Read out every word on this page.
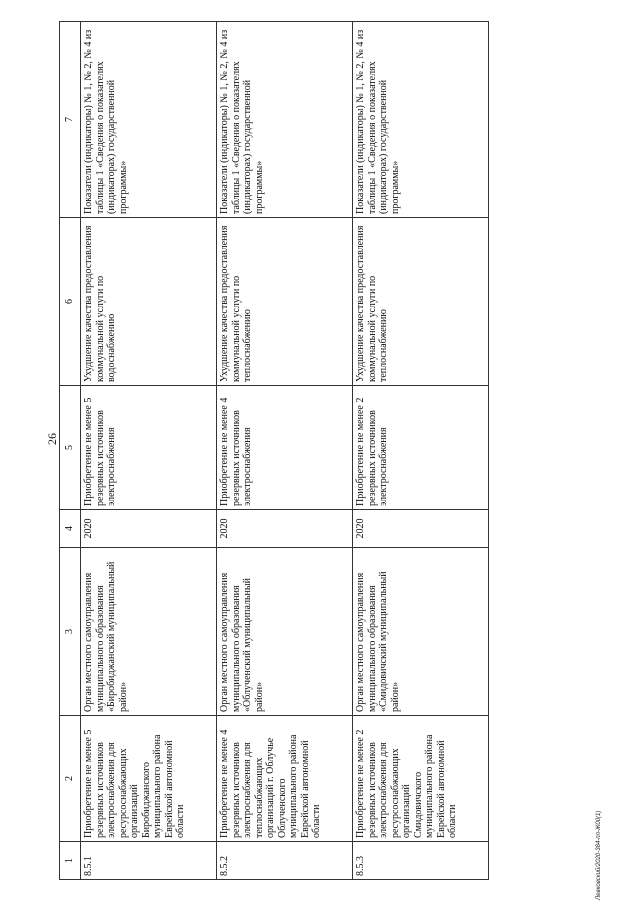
26
Левковский/2020-384-пп-Ж00(1)
1	2	3	4	5	6	7
8.5.1	Приобретение не менее 5 резервных источников электроснабжения для ресурсоснабжающих организаций Биробиджанского муниципального района Еврейской автономной области	Орган местного самоуправления муниципального образования «Биробиджанский муниципальный район»	2020	Приобретение не менее 5 резервных источников электроснабжения	Ухудшение качества предоставления коммунальной услуги по водоснабжению	Показатели (индикаторы) № 1, № 2, № 4 из таблицы 1 «Сведения о показателях (индикаторах) государственной программы»
8.5.2	Приобретение не менее 4 резервных источников электроснабжения для теплоснабжающих организаций г. Облучье Облученского муниципального района Еврейской автономной области	Орган местного самоуправления муниципального образования «Облученский муниципальный район»	2020	Приобретение не менее 4 резервных источников электроснабжения	Ухудшение качества предоставления коммунальной услуги по теплоснабжению	Показатели (индикаторы) № 1, № 2, № 4 из таблицы 1 «Сведения о показателях (индикаторах) государственной программы»
8.5.3	Приобретение не менее 2 резервных источников электроснабжения для ресурсоснабжающих организаций Смидовичского муниципального района Еврейской автономной области	Орган местного самоуправления муниципального образования «Смидовичский муниципальный район»	2020	Приобретение не менее 2 резервных источников электроснабжения	Ухудшение качества предоставления коммунальной услуги по теплоснабжению	Показатели (индикаторы) № 1, № 2, № 4 из таблицы 1 «Сведения о показателях (индикаторах) государственной программы»
